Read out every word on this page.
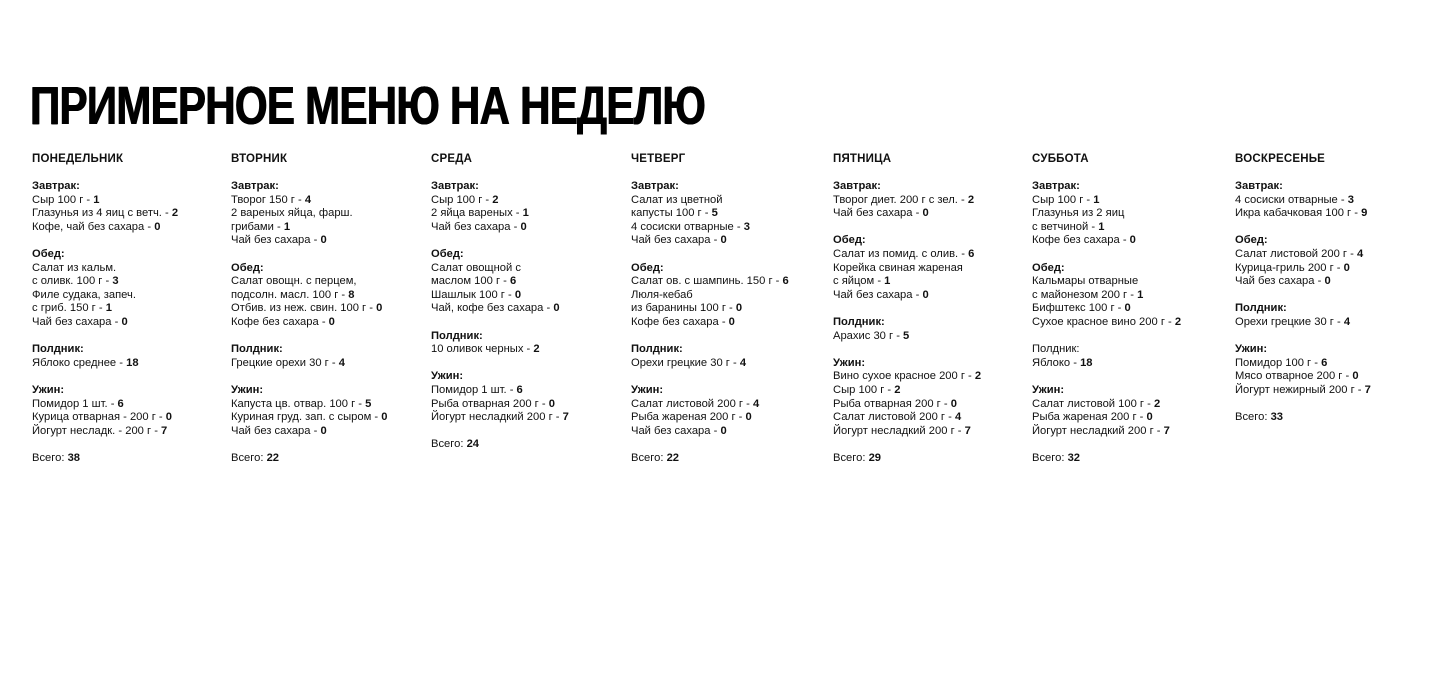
ПРИМЕРНОЕ МЕНЮ НА НЕДЕЛЮ
ПОНЕДЕЛЬНИК
Завтрак:
Сыр 100 г - 1
Глазунья из 4 яиц с ветч. - 2
Кофе, чай без сахара - 0
Обед:
Салат из кальм.
с оливк. 100 г - 3
Филе судака, запеч.
с гриб. 150 г - 1
Чай без сахара - 0
Полдник:
Яблоко среднее - 18
Ужин:
Помидор 1 шт. - 6
Курица отварная - 200 г - 0
Йогурт несладк. - 200 г - 7
Всего: 38
ВТОРНИК
Завтрак:
Творог 150 г - 4
2 вареных яйца, фарш.
грибами - 1
Чай без сахара - 0
Обед:
Салат овощн. с перцем,
подсолн. масл. 100 г - 8
Отбив. из неж. свин. 100 г - 0
Кофе без сахара - 0
Полдник:
Грецкие орехи 30 г - 4
Ужин:
Капуста цв. отвар. 100 г - 5
Куриная груд. зап. с сыром - 0
Чай без сахара - 0
Всего: 22
СРЕДА
Завтрак:
Сыр 100 г - 2
2 яйца вареных - 1
Чай без сахара - 0
Обед:
Салат овощной с
маслом 100 г - 6
Шашлык 100 г - 0
Чай, кофе без сахара - 0
Полдник:
10 оливок черных - 2
Ужин:
Помидор 1 шт. - 6
Рыба отварная 200 г - 0
Йогурт несладкий 200 г - 7
Всего: 24
ЧЕТВЕРГ
Завтрак:
Салат из цветной
капусты 100 г - 5
4 сосиски отварные - 3
Чай без сахара - 0
Обед:
Салат ов. с шампинь. 150 г - 6
Люля-кебаб
из баранины 100 г - 0
Кофе без сахара - 0
Полдник:
Орехи грецкие 30 г - 4
Ужин:
Салат листовой 200 г - 4
Рыба жареная 200 г - 0
Чай без сахара - 0
Всего: 22
ПЯТНИЦА
Завтрак:
Творог диет. 200 г с зел. - 2
Чай без сахара - 0
Обед:
Салат из помид. с олив. - 6
Корейка свиная жареная
с яйцом - 1
Чай без сахара - 0
Полдник:
Арахис 30 г - 5
Ужин:
Вино сухое красное 200 г - 2
Сыр 100 г - 2
Рыба отварная 200 г - 0
Салат листовой 200 г - 4
Йогурт несладкий 200 г - 7
Всего: 29
СУББОТА
Завтрак:
Сыр 100 г - 1
Глазунья из 2 яиц
с ветчиной - 1
Кофе без сахара - 0
Обед:
Кальмары отварные
с майонезом 200 г - 1
Бифштекс 100 г - 0
Сухое красное вино 200 г - 2
Полдник:
Яблоко - 18
Ужин:
Салат листовой 100 г - 2
Рыба жареная 200 г - 0
Йогурт несладкий 200 г - 7
Всего: 32
ВОСКРЕСЕНЬЕ
Завтрак:
4 сосиски отварные - 3
Икра кабачковая 100 г - 9
Обед:
Салат листовой 200 г - 4
Курица-гриль 200 г - 0
Чай без сахара - 0
Полдник:
Орехи грецкие 30 г - 4
Ужин:
Помидор 100 г - 6
Мясо отварное 200 г - 0
Йогурт нежирный 200 г - 7
Всего: 33
